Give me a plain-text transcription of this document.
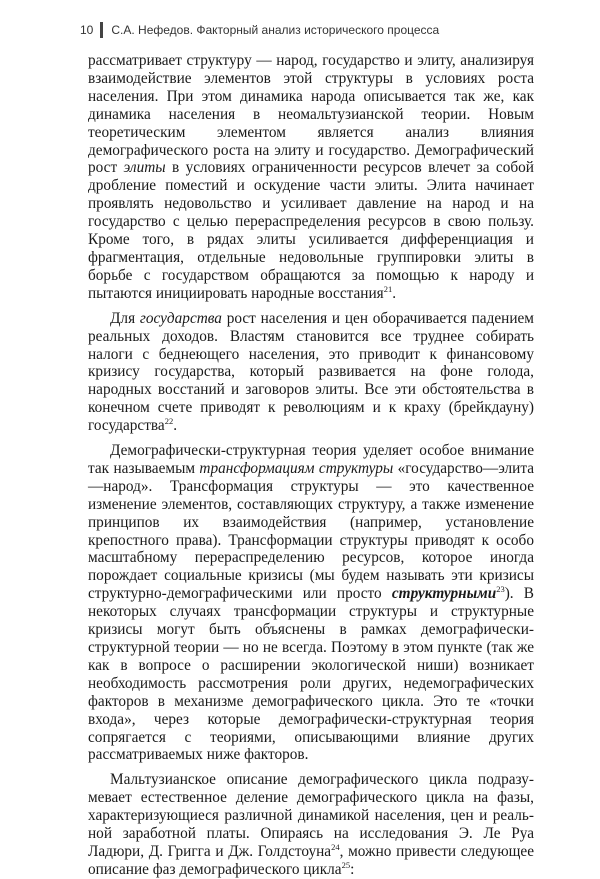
10 С.А. Нефедов. Факторный анализ исторического процесса

рассматривает структуру — народ, государство и элиту, анализируя взаимодействие элементов этой структуры в условиях роста населения. При этом динамика народа описывается так же, как динамика населения в неомальтузианской теории. Новым теоретическим элементом является анализ влияния демографического роста на элиту и государство. Демографический рост элиты в условиях ограниченности ресурсов влечет за собой дробление поместий и оскудение части элиты. Элита начинает проявлять недовольство и усиливает давление на народ и на государство с целью перераспределения ресурсов в свою пользу. Кроме того, в рядах элиты усиливается дифференциация и фрагментация, отдельные недовольные группировки элиты в борьбе с государством обращаются за помощью к народу и пытаются инициировать народные восстания$^{21}$.

Для государства рост населения и цен оборачивается падением реальных доходов. Властям становится все труднее собирать налоги с беднеющего населения, это приводит к финансовому кризису государства, который развивается на фоне голода, народных восстаний и заговоров элиты. Все эти обстоятельства в конечном счете приводят к революциям и к краху (брейкдауну) государства$^{22}$.

Демографически-структурная теория уделяет особое внимание так называемым трансформациям структуры «государство—элита—народ». Трансформация структуры — это качественное изменение элементов, составляющих структуру, а также изменение принципов их взаимодействия (например, установление крепостного права). Трансформации структуры приводят к особо масштабному перераспределению ресурсов, которое иногда порождает социальные кризисы (мы будем называть эти кризисы структурно-демографическими или просто структурными$^{23}$). В некоторых случаях трансформации структуры и структурные кризисы могут быть объяснены в рамках демографически-структурной теории — но не всегда. Поэтому в этом пункте (так же как в вопросе о расширении экологической ниши) возникает необходимость рассмотрения роли других, недемографических факторов в механизме демографического цикла. Это те «точки входа», через которые демографически-структурная теория сопрягается с теориями, описывающими влияние других рассматриваемых ниже факторов.

Мальтузианское описание демографического цикла подразумевает естественное деление демографического цикла на фазы, характеризующиеся различной динамикой населения, цен и реальной заработной платы. Опираясь на исследования Э. Ле Руа Ладюри, Д. Григга и Дж. Голдстоуна$^{24}$, можно привести следующее описание фаз демографического цикла$^{25}$:
